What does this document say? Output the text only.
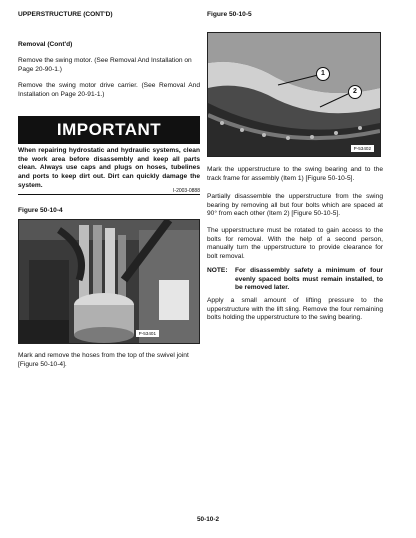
UPPERSTRUCTURE (CONT'D)
Removal (Cont'd)

Remove the swing motor. (See Removal And Installation on Page 20-90-1.)

Remove the swing motor drive carrier. (See Removal And Installation on Page 20-91-1.)

IMPORTANT

When repairing hydrostatic and hydraulic systems, clean the work area before disassembly and keep all parts clean. Always use caps and plugs on hoses, tubelines and ports to keep dirt out. Dirt can quickly damage the system.

I-2003-0888
Figure 50-10-4
P-53401

Mark and remove the hoses from the top of the swivel joint [Figure 50-10-4].

Figure 50-10-5
1
2
P-53402

Mark the upperstructure to the swing bearing and to the track frame for assembly (Item 1) [Figure 50-10-5].

Partially disassemble the upperstructure from the swing bearing by removing all but four bolts which are spaced at 90° from each other (Item 2) [Figure 50-10-5].

The upperstructure must be rotated to gain access to the bolts for removal. With the help of a second person, manually turn the upperstructure to provide clearance for bolt removal.

NOTE:	For disassembly safety a minimum of four evenly spaced bolts must remain installed, to be removed later.

Apply a small amount of lifting pressure to the upperstructure with the lift sling. Remove the four remaining bolts holding the upperstructure to the swing bearing.

50-10-2
